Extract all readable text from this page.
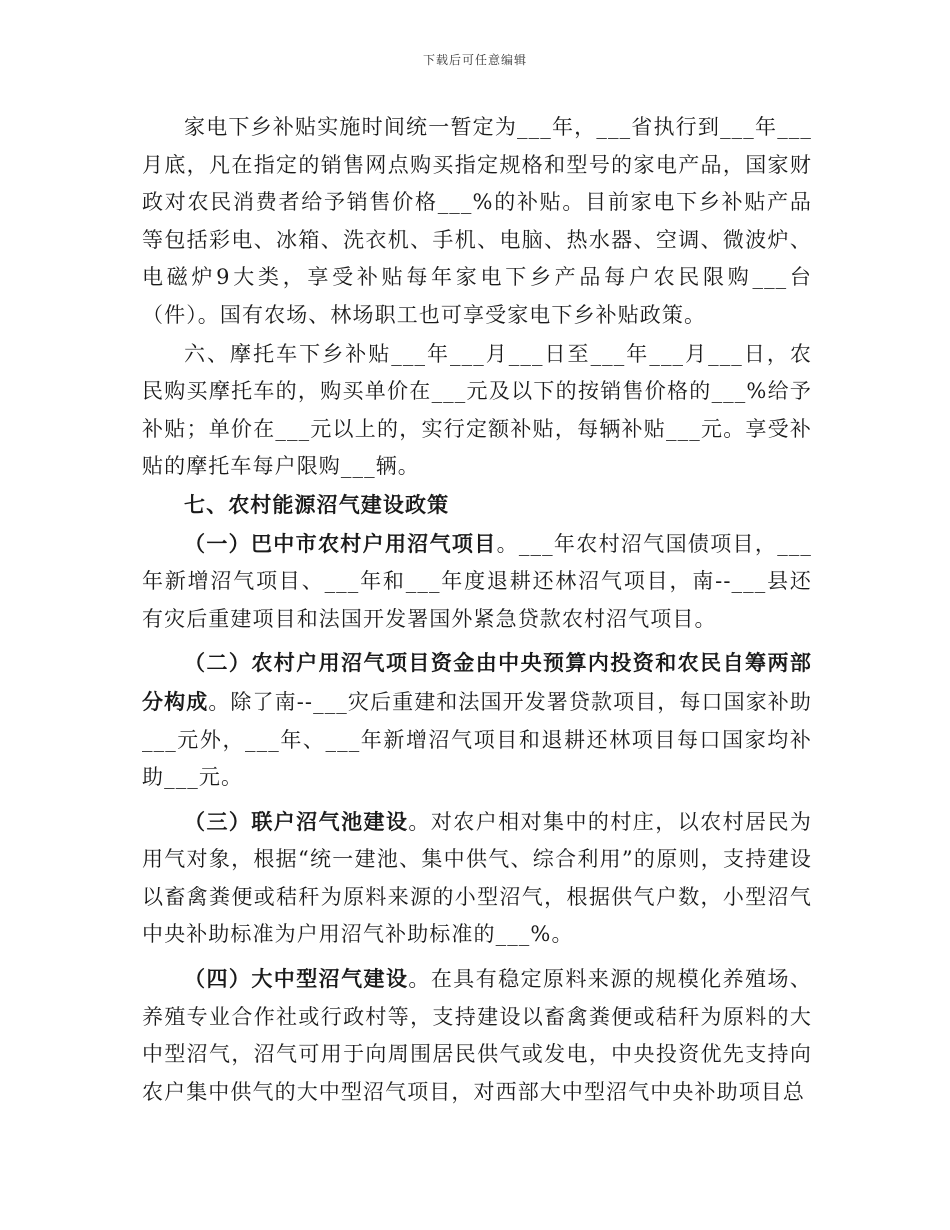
下载后可任意编辑

家电下乡补贴实施时间统一暂定为___年，___省执行到___年___月底，凡在指定的销售网点购买指定规格和型号的家电产品，国家财政对农民消费者给予销售价格___%的补贴。目前家电下乡补贴产品等包括彩电、冰箱、洗衣机、手机、电脑、热水器、空调、微波炉、电磁炉9大类，享受补贴每年家电下乡产品每户农民限购___台（件）。国有农场、林场职工也可享受家电下乡补贴政策。

六、摩托车下乡补贴___年___月___日至___年___月___日，农民购买摩托车的，购买单价在___元及以下的按销售价格的___%给予补贴；单价在___元以上的，实行定额补贴，每辆补贴___元。享受补贴的摩托车每户限购___辆。

七、农村能源沼气建设政策

（一）巴中市农村户用沼气项目。___年农村沼气国债项目，___年新增沼气项目、___年和___年度退耕还林沼气项目，南--___县还有灾后重建项目和法国开发署国外紧急贷款农村沼气项目。

（二）农村户用沼气项目资金由中央预算内投资和农民自筹两部分构成。除了南--___灾后重建和法国开发署贷款项目，每口国家补助___元外，___年、___年新增沼气项目和退耕还林项目每口国家均补助___元。

（三）联户沼气池建设。对农户相对集中的村庄，以农村居民为用气对象，根据“统一建池、集中供气、综合利用”的原则，支持建设以畜禽粪便或秸秆为原料来源的小型沼气，根据供气户数，小型沼气中央补助标准为户用沼气补助标准的___%。

（四）大中型沼气建设。在具有稳定原料来源的规模化养殖场、养殖专业合作社或行政村等，支持建设以畜禽粪便或秸秆为原料的大中型沼气，沼气可用于向周围居民供气或发电，中央投资优先支持向农户集中供气的大中型沼气项目，对西部大中型沼气中央补助项目总
